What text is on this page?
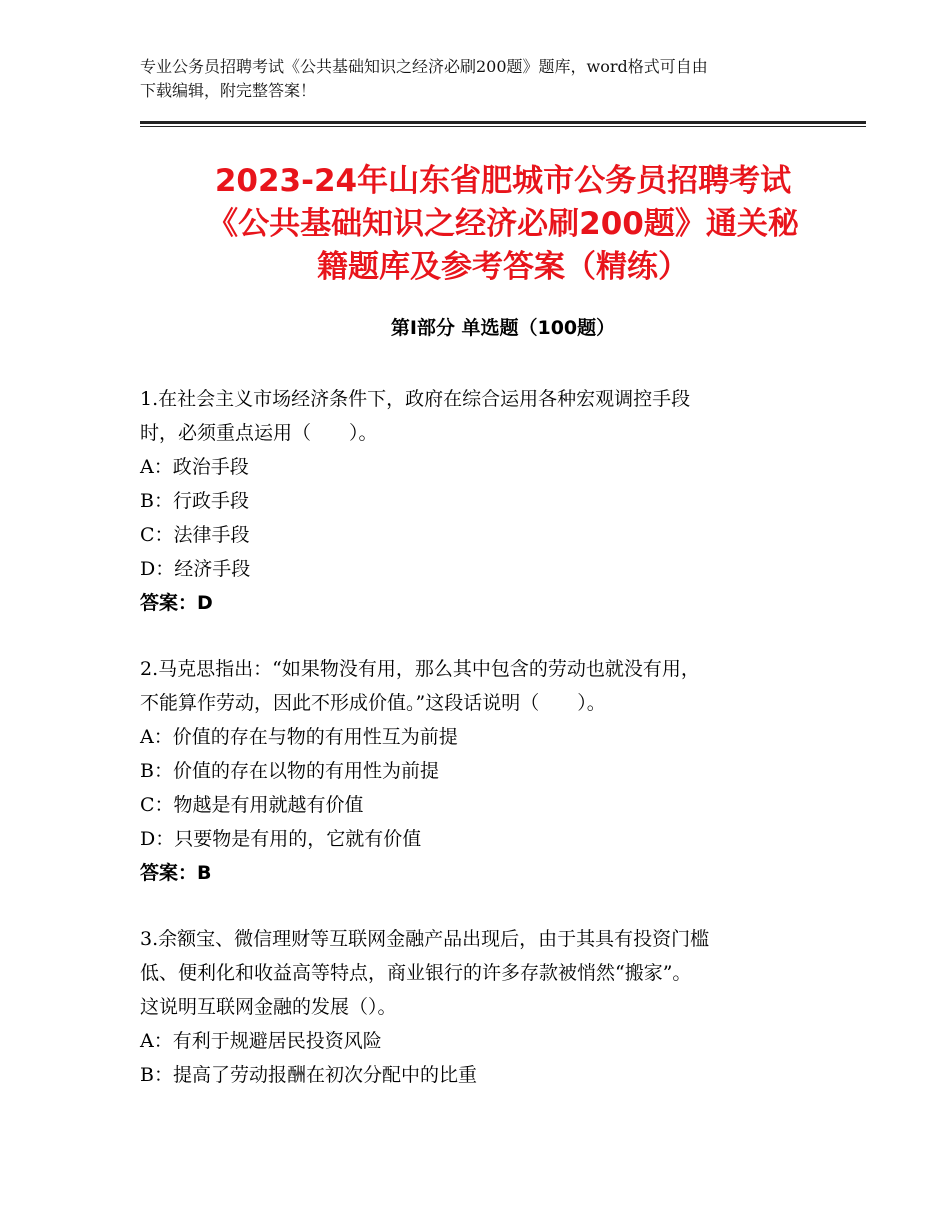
专业公务员招聘考试《公共基础知识之经济必刷200题》题库，word格式可自由
下载编辑，附完整答案！
2023-24年山东省肥城市公务员招聘考试
《公共基础知识之经济必刷200题》通关秘
籍题库及参考答案（精练）
第I部分 单选题（100题）
1.在社会主义市场经济条件下，政府在综合运用各种宏观调控手段
时，必须重点运用（　　）。
A：政治手段
B：行政手段
C：法律手段
D：经济手段
答案：D
2.马克思指出：“如果物没有用，那么其中包含的劳动也就没有用，
不能算作劳动，因此不形成价值。”这段话说明（　　）。
A：价值的存在与物的有用性互为前提
B：价值的存在以物的有用性为前提
C：物越是有用就越有价值
D：只要物是有用的，它就有价值
答案：B
3.余额宝、微信理财等互联网金融产品出现后，由于其具有投资门槛
低、便利化和收益高等特点，商业银行的许多存款被悄然“搬家”。
这说明互联网金融的发展（）。
A：有利于规避居民投资风险
B：提高了劳动报酬在初次分配中的比重
